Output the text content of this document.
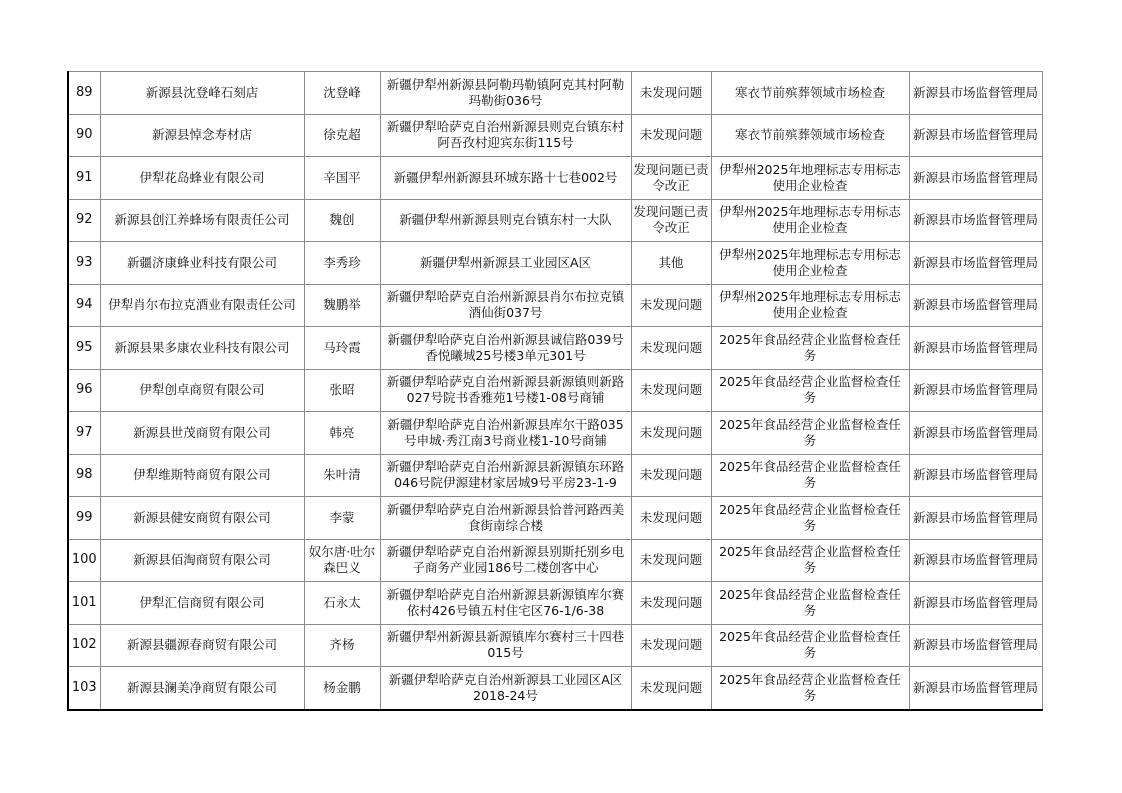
89	新源县沈登峰石刻店	沈登峰	新疆伊犁州新源县阿勒玛勒镇阿克其村阿勒玛勒街036号	未发现问题	寒衣节前殡葬领域市场检查	新源县市场监督管理局
90	新源县悼念寿材店	徐克超	新疆伊犁哈萨克自治州新源县则克台镇东村阿吾孜村迎宾东街115号	未发现问题	寒衣节前殡葬领域市场检查	新源县市场监督管理局
91	伊犁花岛蜂业有限公司	辛国平	新疆伊犁州新源县环城东路十七巷002号	发现问题已责令改正	伊犁州2025年地理标志专用标志使用企业检查	新源县市场监督管理局
92	新源县创江养蜂场有限责任公司	魏创	新疆伊犁州新源县则克台镇东村一大队	发现问题已责令改正	伊犁州2025年地理标志专用标志使用企业检查	新源县市场监督管理局
93	新疆济康蜂业科技有限公司	李秀珍	新疆伊犁州新源县工业园区A区	其他	伊犁州2025年地理标志专用标志使用企业检查	新源县市场监督管理局
94	伊犁肖尔布拉克酒业有限责任公司	魏鹏举	新疆伊犁哈萨克自治州新源县肖尔布拉克镇酒仙街037号	未发现问题	伊犁州2025年地理标志专用标志使用企业检查	新源县市场监督管理局
95	新源县果多康农业科技有限公司	马玲霞	新疆伊犁哈萨克自治州新源县诚信路039号香悦曦城25号楼3单元301号	未发现问题	2025年食品经营企业监督检查任务	新源县市场监督管理局
96	伊犁创卓商贸有限公司	张昭	新疆伊犁哈萨克自治州新源县新源镇则新路027号院书香雅苑1号楼1-08号商铺	未发现问题	2025年食品经营企业监督检查任务	新源县市场监督管理局
97	新源县世茂商贸有限公司	韩亮	新疆伊犁哈萨克自治州新源县库尔干路035号申城·秀江南3号商业楼1-10号商铺	未发现问题	2025年食品经营企业监督检查任务	新源县市场监督管理局
98	伊犁维斯特商贸有限公司	朱叶清	新疆伊犁哈萨克自治州新源县新源镇东环路046号院伊源建材家居城9号平房23-1-9	未发现问题	2025年食品经营企业监督检查任务	新源县市场监督管理局
99	新源县健安商贸有限公司	李蒙	新疆伊犁哈萨克自治州新源县恰普河路西美食街南综合楼	未发现问题	2025年食品经营企业监督检查任务	新源县市场监督管理局
100	新源县佰淘商贸有限公司	奴尔唐·吐尔森巴义	新疆伊犁哈萨克自治州新源县别斯托别乡电子商务产业园186号二楼创客中心	未发现问题	2025年食品经营企业监督检查任务	新源县市场监督管理局
101	伊犁汇信商贸有限公司	石永太	新疆伊犁哈萨克自治州新源县新源镇库尔赛依村426号镇五村住宅区76-1/6-38	未发现问题	2025年食品经营企业监督检查任务	新源县市场监督管理局
102	新源县疆源春商贸有限公司	齐杨	新疆伊犁州新源县新源镇库尔赛村三十四巷015号	未发现问题	2025年食品经营企业监督检查任务	新源县市场监督管理局
103	新源县澜美净商贸有限公司	杨金鹏	新疆伊犁哈萨克自治州新源县工业园区A区2018-24号	未发现问题	2025年食品经营企业监督检查任务	新源县市场监督管理局
